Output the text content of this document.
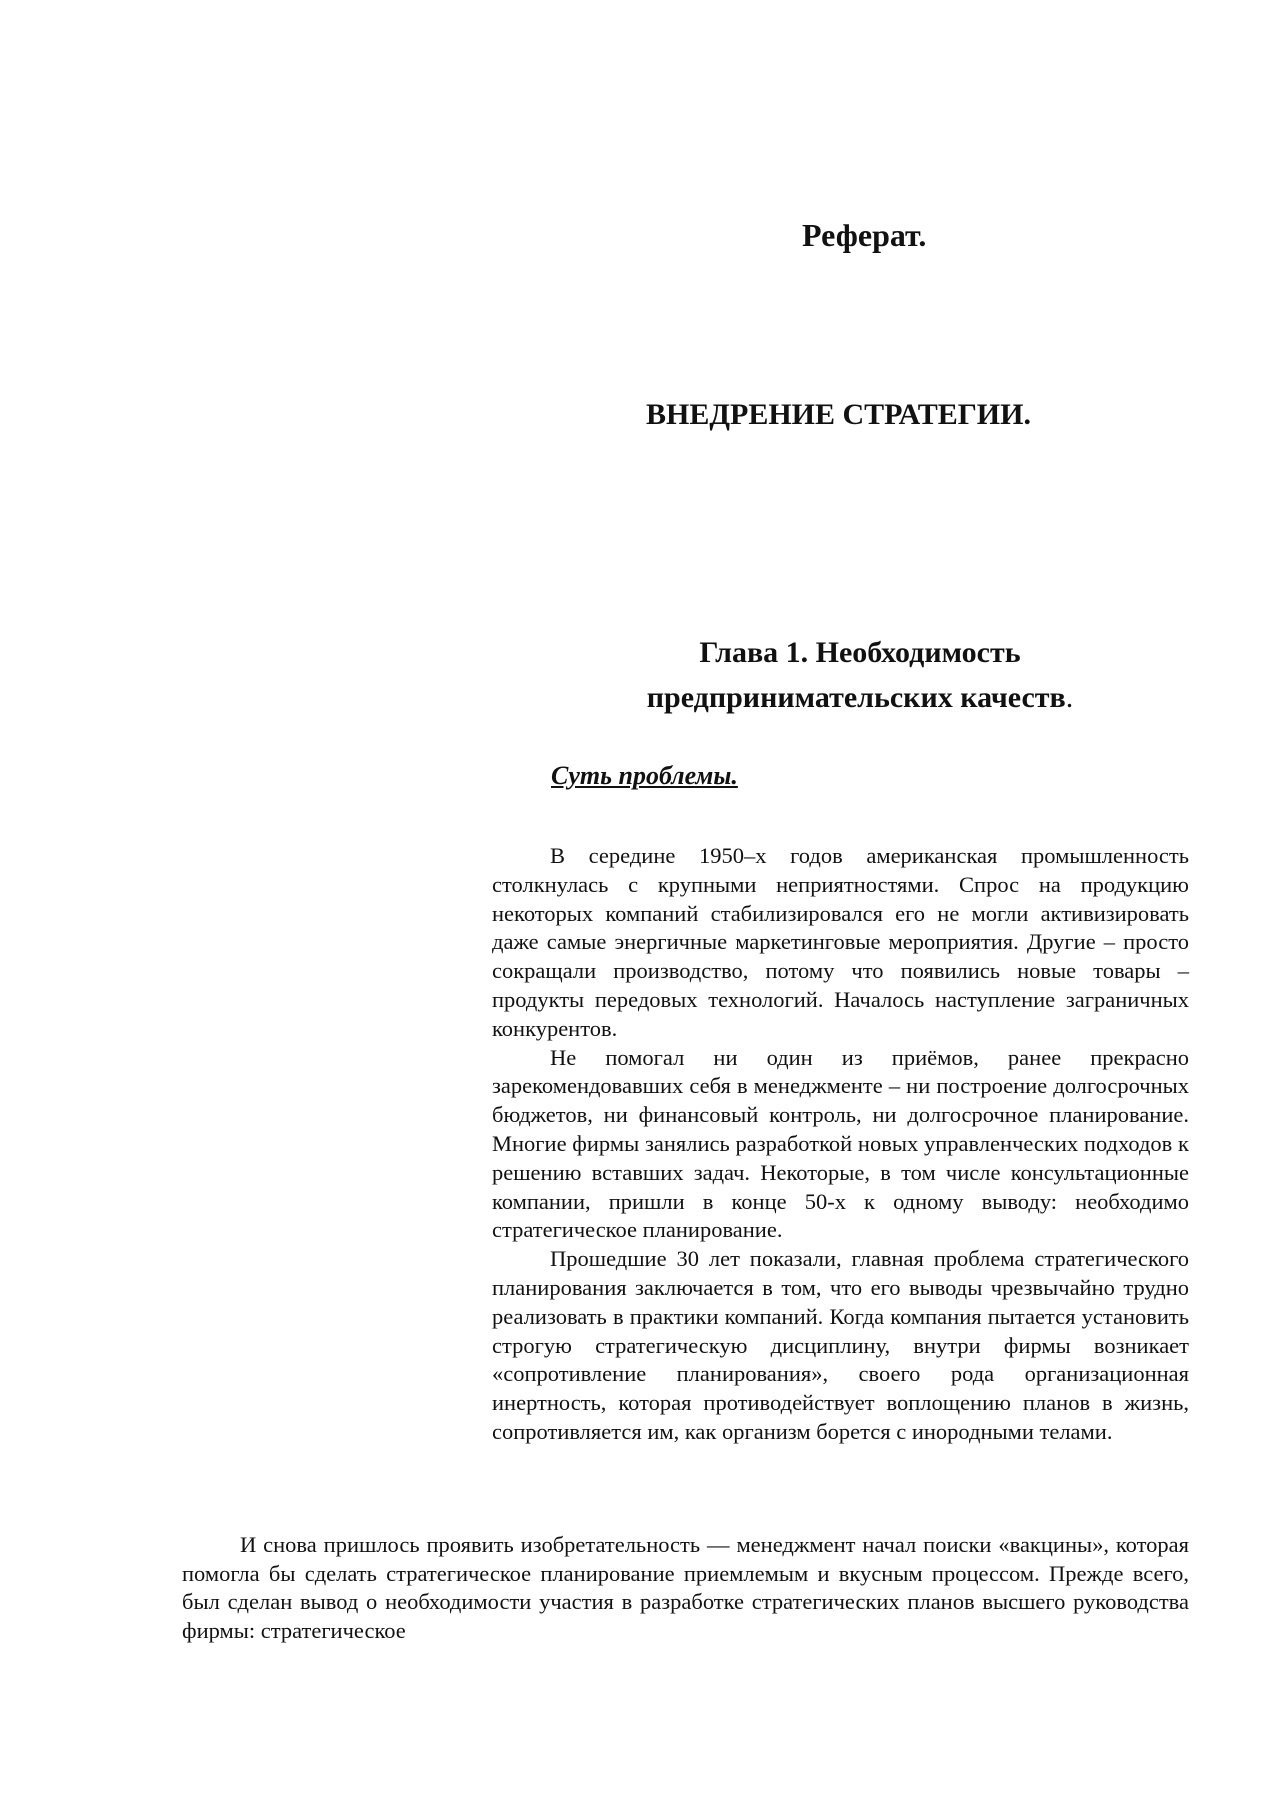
Реферат.
ВНЕДРЕНИЕ СТРАТЕГИИ.
Глава 1. Необходимость
предпринимательских качеств.
Суть проблемы.

В середине 1950–х годов американская промышленность столкнулась с крупными неприятностями. Спрос на продукцию некоторых компаний стабилизировался его не могли активизировать даже самые энергичные маркетинговые мероприятия. Другие – просто сокращали производство, потому что появились новые товары – продукты передовых технологий. Началось наступление заграничных конкурентов.

Не помогал ни один из приёмов, ранее прекрасно зарекомендовавших себя в менеджменте – ни построение долгосрочных бюджетов, ни финансовый контроль, ни долгосрочное планирование. Многие фирмы занялись разработкой новых управленческих подходов к решению вставших задач. Некоторые, в том числе консультационные компании, пришли в конце 50-х к одному выводу: необходимо стратегическое планирование.

Прошедшие 30 лет показали, главная проблема стратегического планирования заключается в том, что его выводы чрезвычайно трудно реализовать в практики компаний. Когда компания пытается установить строгую стратегическую дисциплину, внутри фирмы возникает «сопротивление планирования», своего рода организационная инертность, которая противодействует воплощению планов в жизнь, сопротивляется им, как организм борется с инородными телами.

И снова пришлось проявить изобретательность — менеджмент начал поиски «вакцины», которая помогла бы сделать стратегическое планирование приемлемым и вкусным процессом. Прежде всего, был сделан вывод о необходимости участия в разработке стратегических планов высшего руководства фирмы: стратегическое
